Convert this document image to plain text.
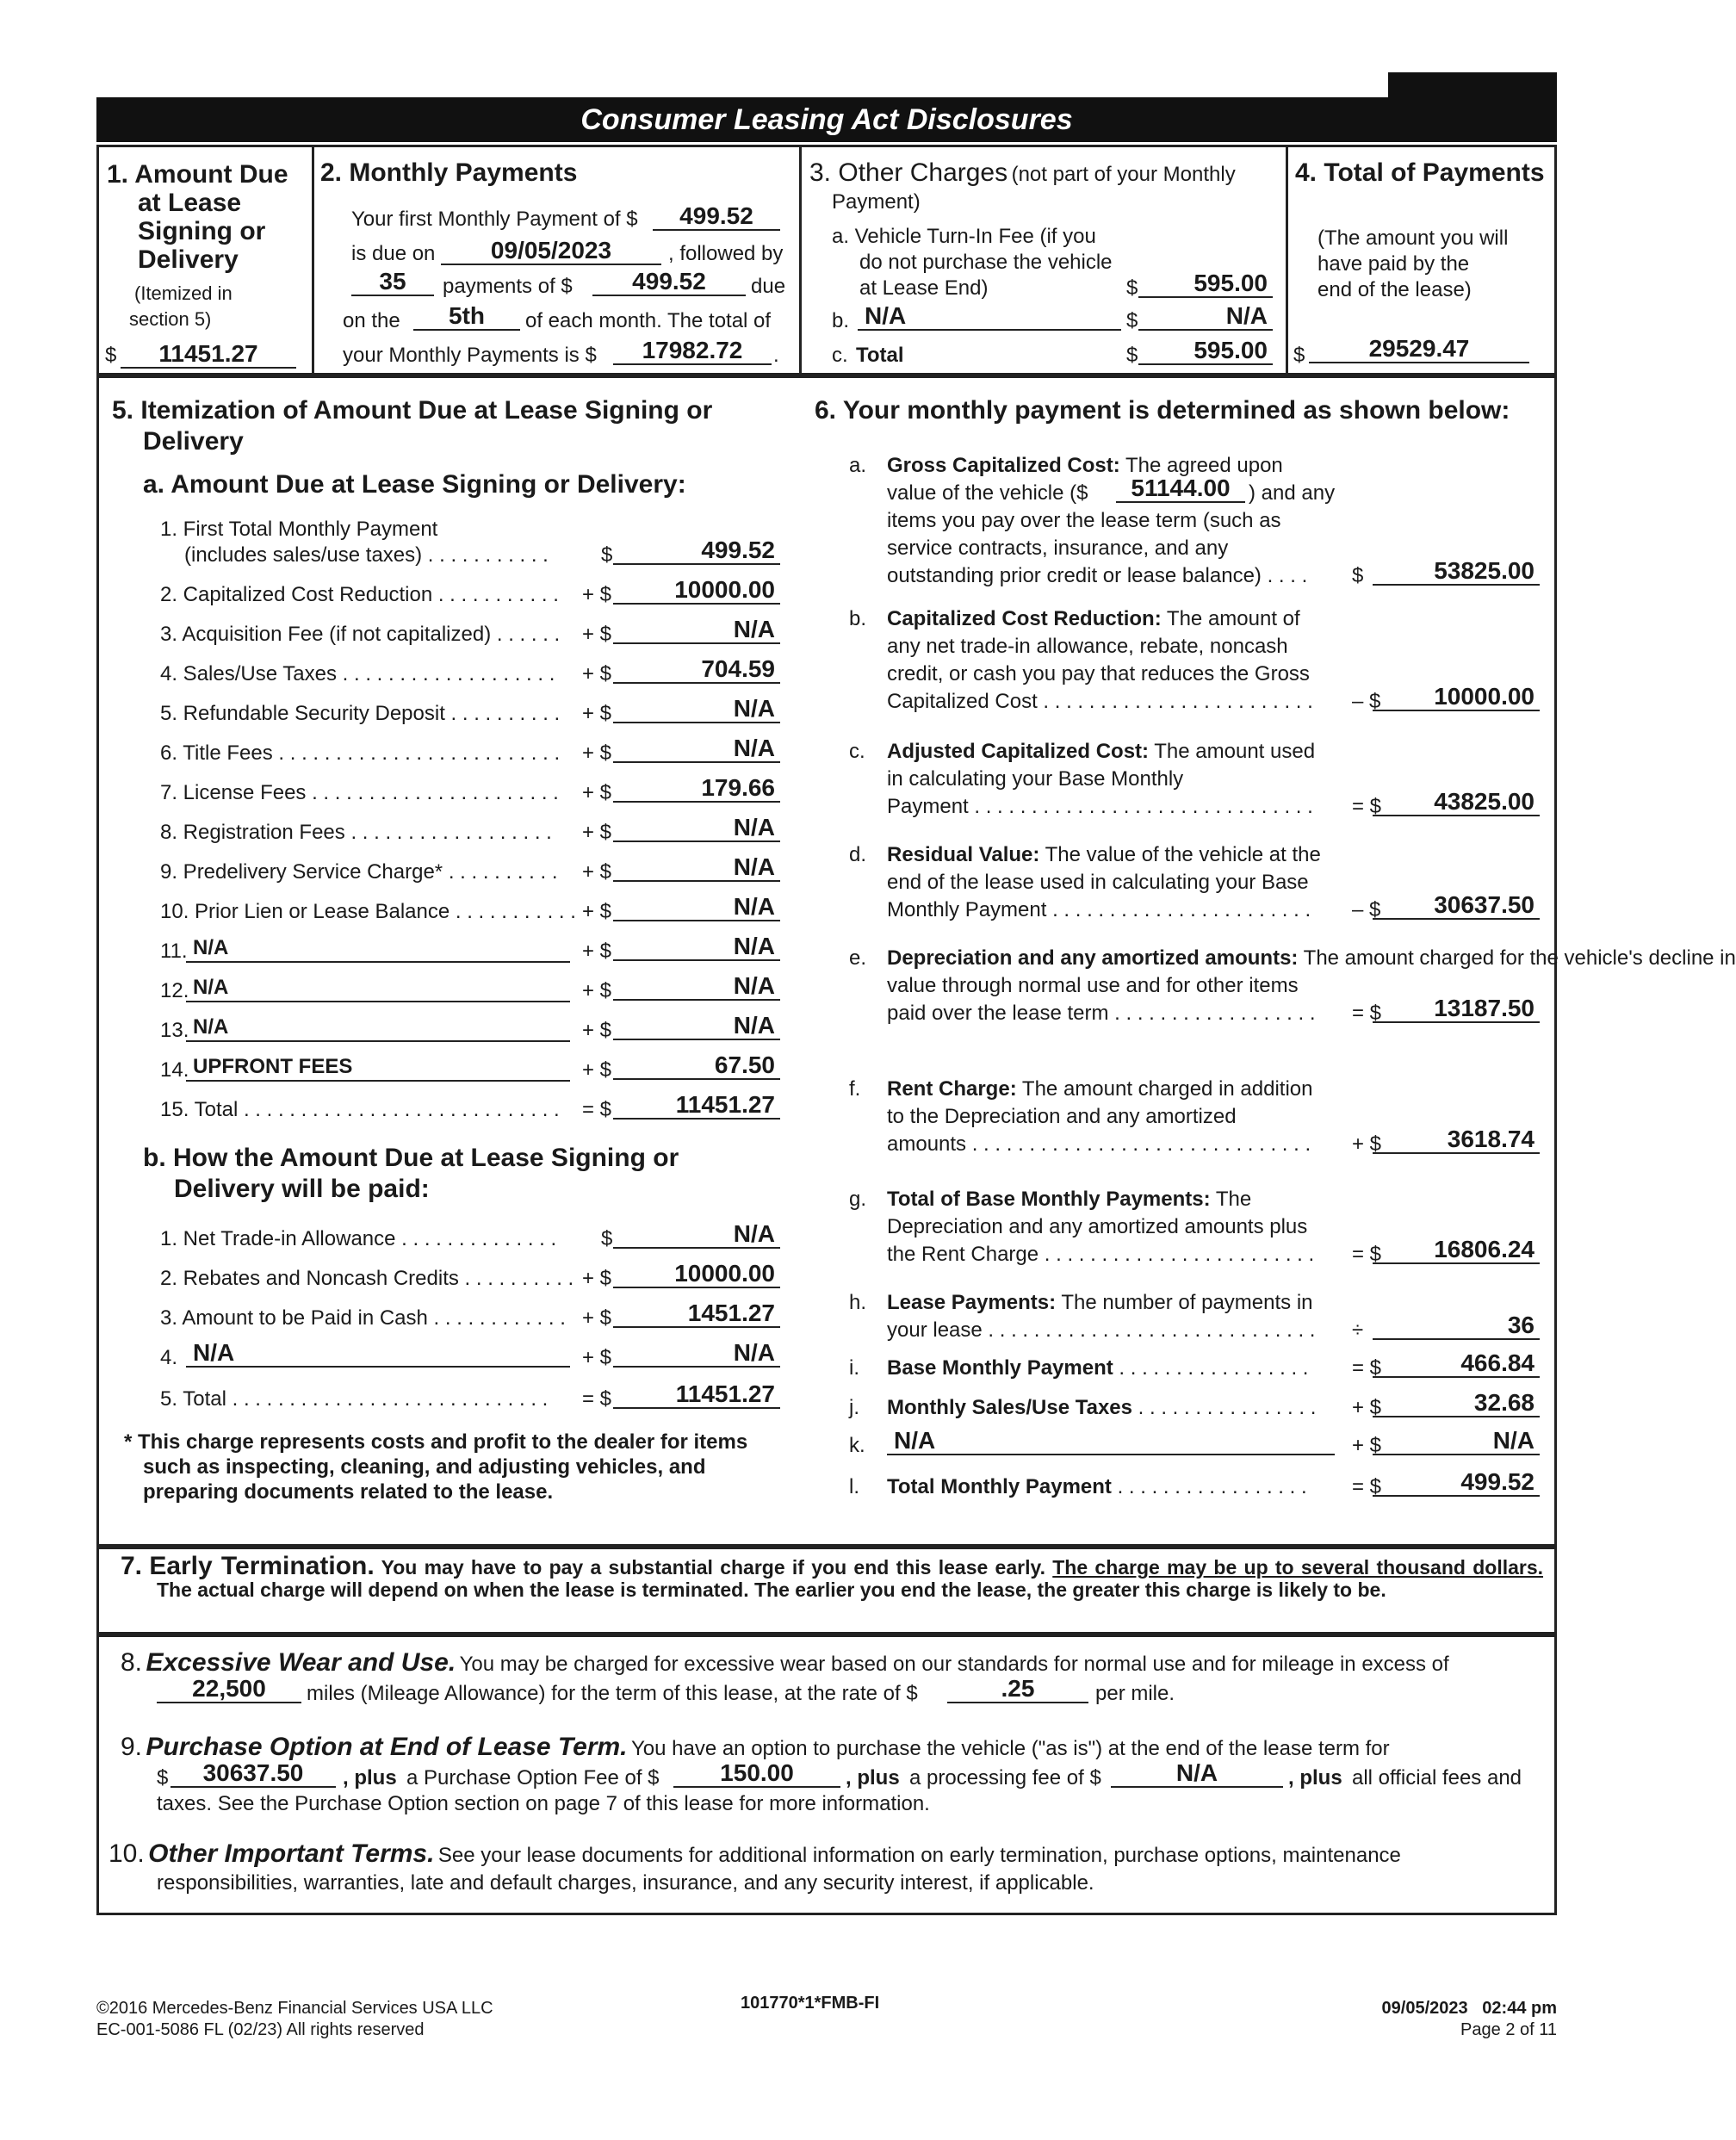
Consumer Leasing Act Disclosures
1. Amount Due
at Lease
Signing or
Delivery
(Itemized in
section 5)
$	11451.27
2. Monthly Payments
Your first Monthly Payment of $	499.52
is due on	09/05/2023	, followed by
35	payments of $	499.52	due
on the	5th	of each month. The total of
your Monthly Payments is $	17982.72	.
3. Other Charges (not part of your Monthly
Payment)
a. Vehicle Turn-In Fee (if you
do not purchase the vehicle
at Lease End)	$	595.00
b. N/A	$	N/A
c. Total	$	595.00
4. Total of Payments
(The amount you will
have paid by the
end of the lease)
$	29529.47
5. Itemization of Amount Due at Lease Signing or
Delivery
a. Amount Due at Lease Signing or Delivery:
1. First Total Monthly Payment
(includes sales/use taxes) . . . . . . . . . . .	$	499.52
2. Capitalized Cost Reduction . . . . . . . . . . . + $	10000.00
3. Acquisition Fee (if not capitalized) . . . . . . + $	N/A
4. Sales/Use Taxes . . . . . . . . . . . . . . . . . . . + $	704.59
5. Refundable Security Deposit . . . . . . . . . . + $	N/A
6. Title Fees . . . . . . . . . . . . . . . . . . . . . . . . . + $	N/A
7. License Fees . . . . . . . . . . . . . . . . . . . . . . + $	179.66
8. Registration Fees . . . . . . . . . . . . . . . . . . + $	N/A
9. Predelivery Service Charge* . . . . . . . . . . + $	N/A
10. Prior Lien or Lease Balance . . . . . . . . . . . + $	N/A
11. N/A	+ $	N/A
12. N/A	+ $	N/A
13. N/A	+ $	N/A
14. UPFRONT FEES	+ $	67.50
15. Total . . . . . . . . . . . . . . . . . . . . . . . . . . . . = $	11451.27
b. How the Amount Due at Lease Signing or
Delivery will be paid:
1. Net Trade-in Allowance . . . . . . . . . . . . . . $	N/A
2. Rebates and Noncash Credits . . . . . . . . . . + $	10000.00
3. Amount to be Paid in Cash . . . . . . . . . . . . + $	1451.27
4. N/A	+ $	N/A
5. Total . . . . . . . . . . . . . . . . . . . . . . . . . . . . = $	11451.27
* This charge represents costs and profit to the dealer for items
such as inspecting, cleaning, and adjusting vehicles, and
preparing documents related to the lease.
6. Your monthly payment is determined as shown below:
a. Gross Capitalized Cost: The agreed upon
value of the vehicle ($	51144.00 ) and any
items you pay over the lease term (such as
service contracts, insurance, and any
outstanding prior credit or lease balance) . . . . $	53825.00
b. Capitalized Cost Reduction: The amount of
any net trade-in allowance, rebate, noncash
credit, or cash you pay that reduces the Gross
Capitalized Cost . . . . . . . . . . . . . . . . . . . . . . . . – $	10000.00
c. Adjusted Capitalized Cost: The amount used
in calculating your Base Monthly
Payment . . . . . . . . . . . . . . . . . . . . . . . . . . . . . . = $	43825.00
d. Residual Value: The value of the vehicle at the
end of the lease used in calculating your Base
Monthly Payment . . . . . . . . . . . . . . . . . . . . . . . – $	30637.50
e. Depreciation and any amortized amounts: The amount charged for the vehicle's decline in
value through normal use and for other items
paid over the lease term . . . . . . . . . . . . . . . . . . = $	13187.50
f. Rent Charge: The amount charged in addition
to the Depreciation and any amortized
amounts . . . . . . . . . . . . . . . . . . . . . . . . . . . . . . + $	3618.74
g. Total of Base Monthly Payments: The
Depreciation and any amortized amounts plus
the Rent Charge . . . . . . . . . . . . . . . . . . . . . . . . = $	16806.24
h. Lease Payments: The number of payments in
your lease . . . . . . . . . . . . . . . . . . . . . . . . . . . . . ÷	36
i. Base Monthly Payment . . . . . . . . . . . . . . . . . = $	466.84
j. Monthly Sales/Use Taxes . . . . . . . . . . . . . . . . + $	32.68
k. N/A	+ $	N/A
l. Total Monthly Payment . . . . . . . . . . . . . . . . . = $	499.52
7. Early Termination. You may have to pay a substantial charge if you end this lease early. The charge may be up to several thousand dollars. The actual charge will depend on when the lease is terminated. The earlier you end the lease, the greater this charge is likely to be.
8. Excessive Wear and Use. You may be charged for excessive wear based on our standards for normal use and for mileage in excess of
22,500	miles (Mileage Allowance) for the term of this lease, at the rate of $	.25	per mile.
9. Purchase Option at End of Lease Term. You have an option to purchase the vehicle ("as is") at the end of the lease term for
$	30637.50	, plus a Purchase Option Fee of $	150.00	, plus a processing fee of $	N/A	, plus all official fees and
taxes. See the Purchase Option section on page 7 of this lease for more information.
10. Other Important Terms. See your lease documents for additional information on early termination, purchase options, maintenance
responsibilities, warranties, late and default charges, insurance, and any security interest, if applicable.
©2016 Mercedes-Benz Financial Services USA LLC
EC-001-5086 FL (02/23) All rights reserved
101770*1*FMB-FI	09/05/2023   02:44 pm
Page 2 of 11
